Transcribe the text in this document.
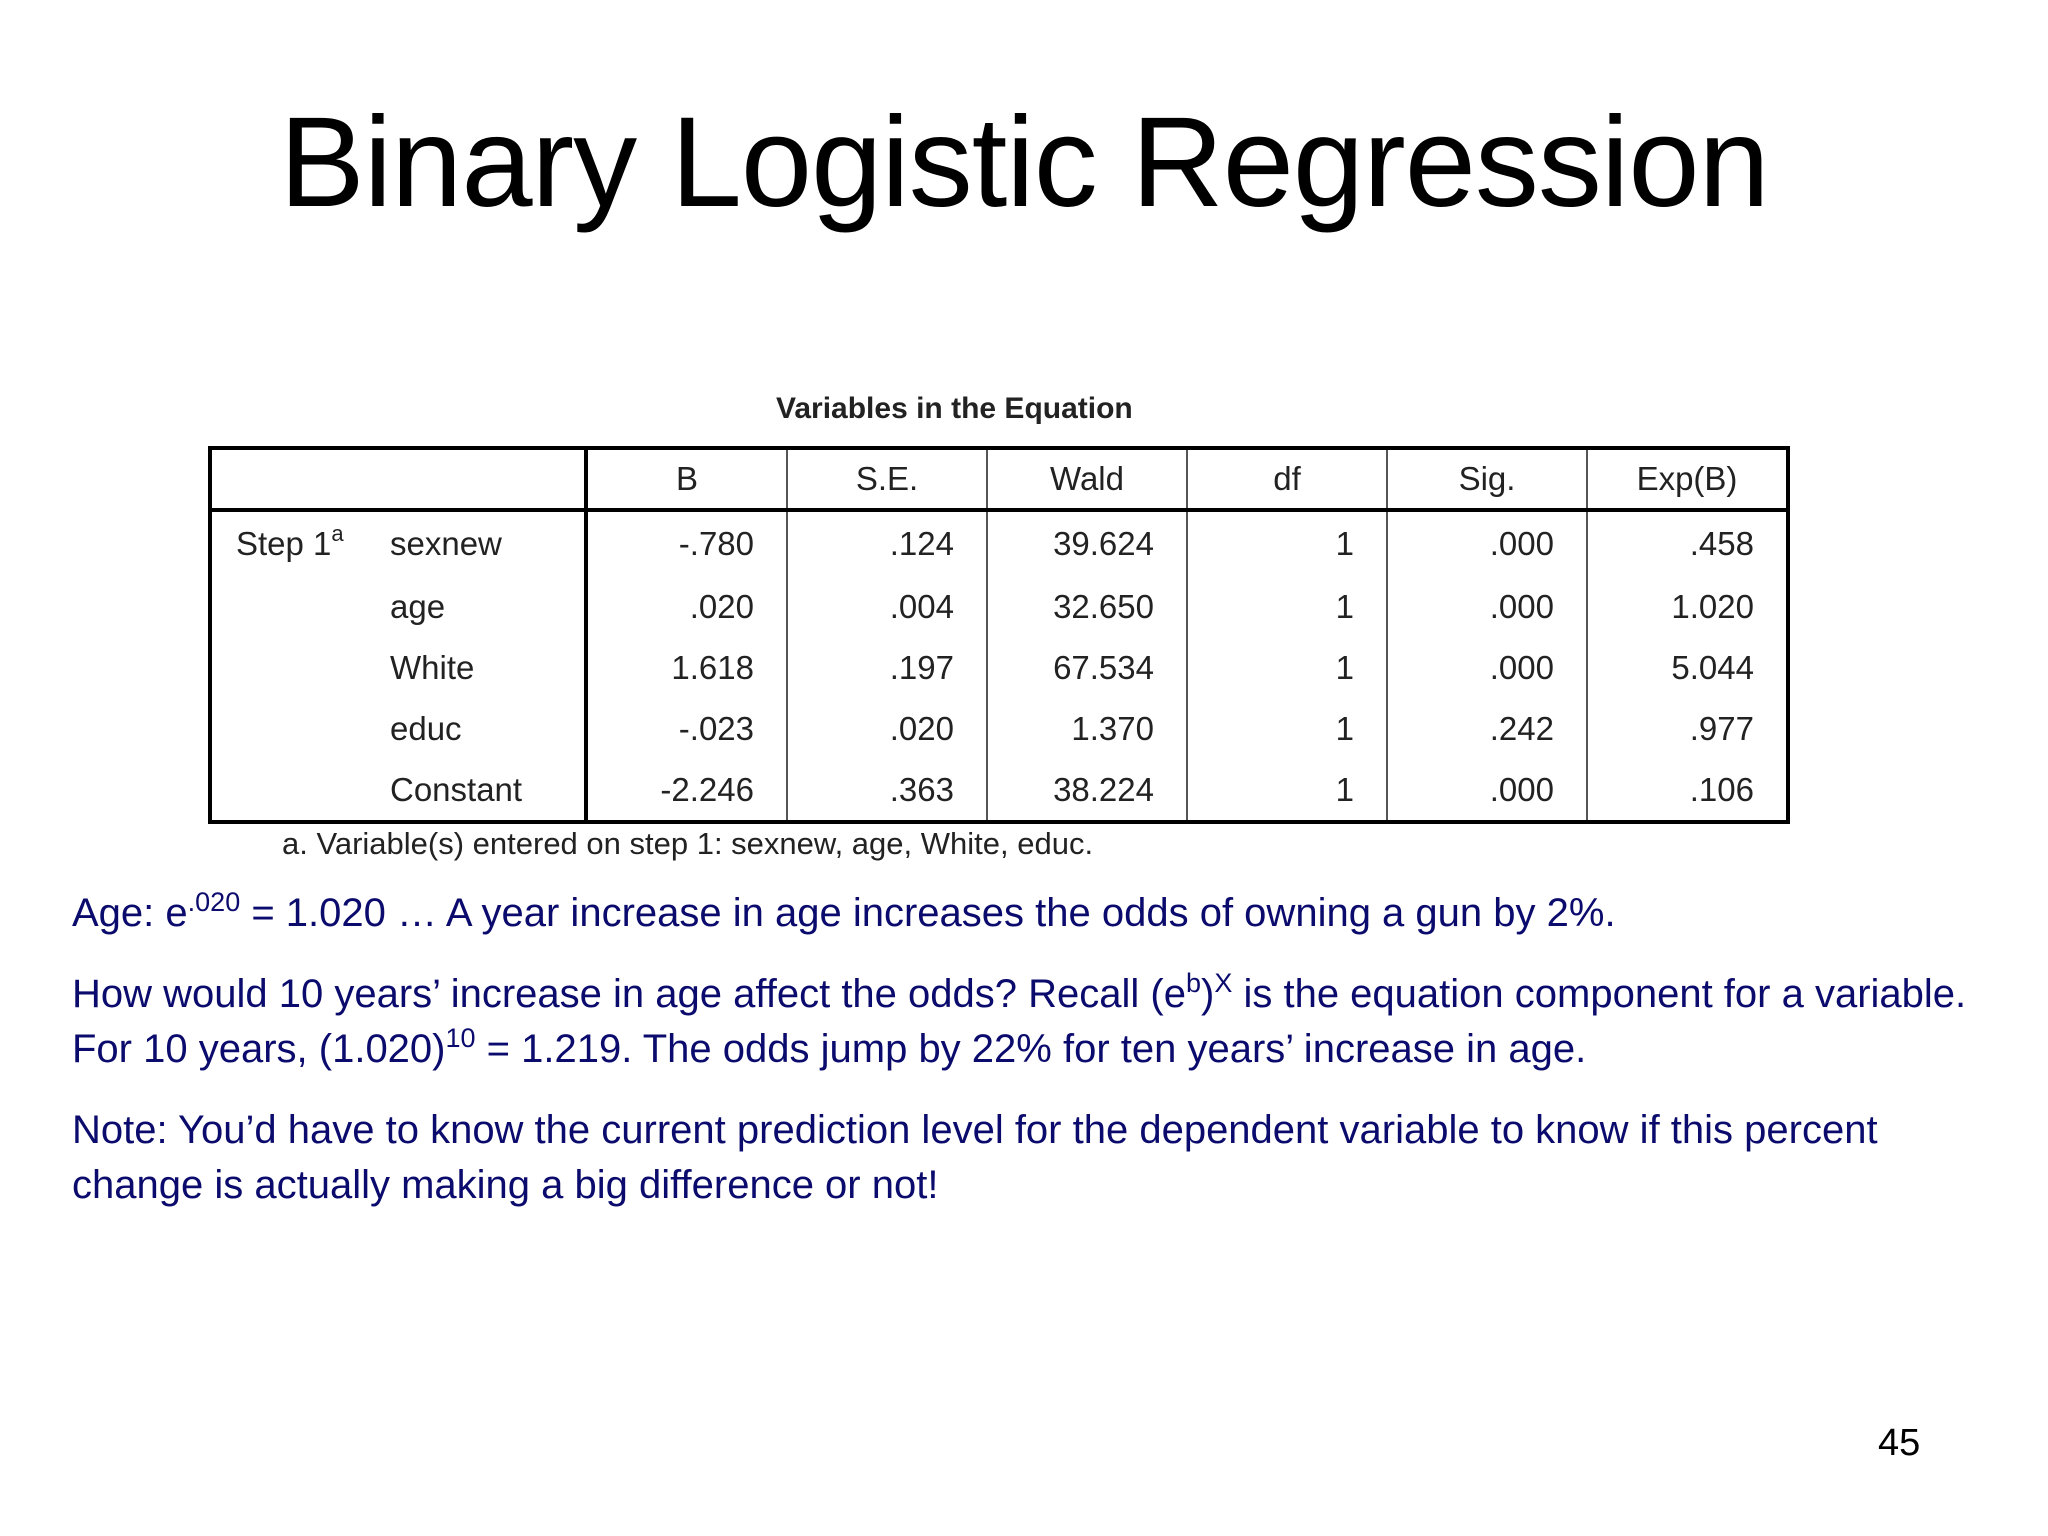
Binary Logistic Regression
Variables in the Equation
		B	S.E.	Wald	df	Sig.	Exp(B)
Step 1$^a$	sexnew	-.780	.124	39.624	1	.000	.458
	age	.020	.004	32.650	1	.000	1.020
	White	1.618	.197	67.534	1	.000	5.044
	educ	-.023	.020	1.370	1	.242	.977
	Constant	-2.246	.363	38.224	1	.000	.106
a. Variable(s) entered on step 1: sexnew, age, White, educ.

Age: $e^{.020} = 1.020$ … A year increase in age increases the odds of owning a gun by 2%.

How would 10 years’ increase in age affect the odds? Recall $(e^b)^X$ is the equation component for a variable. For 10 years, $(1.020)^{10} = 1.219$. The odds jump by 22% for ten years’ increase in age.

Note: You’d have to know the current prediction level for the dependent variable to know if this percent change is actually making a big difference or not!

45
